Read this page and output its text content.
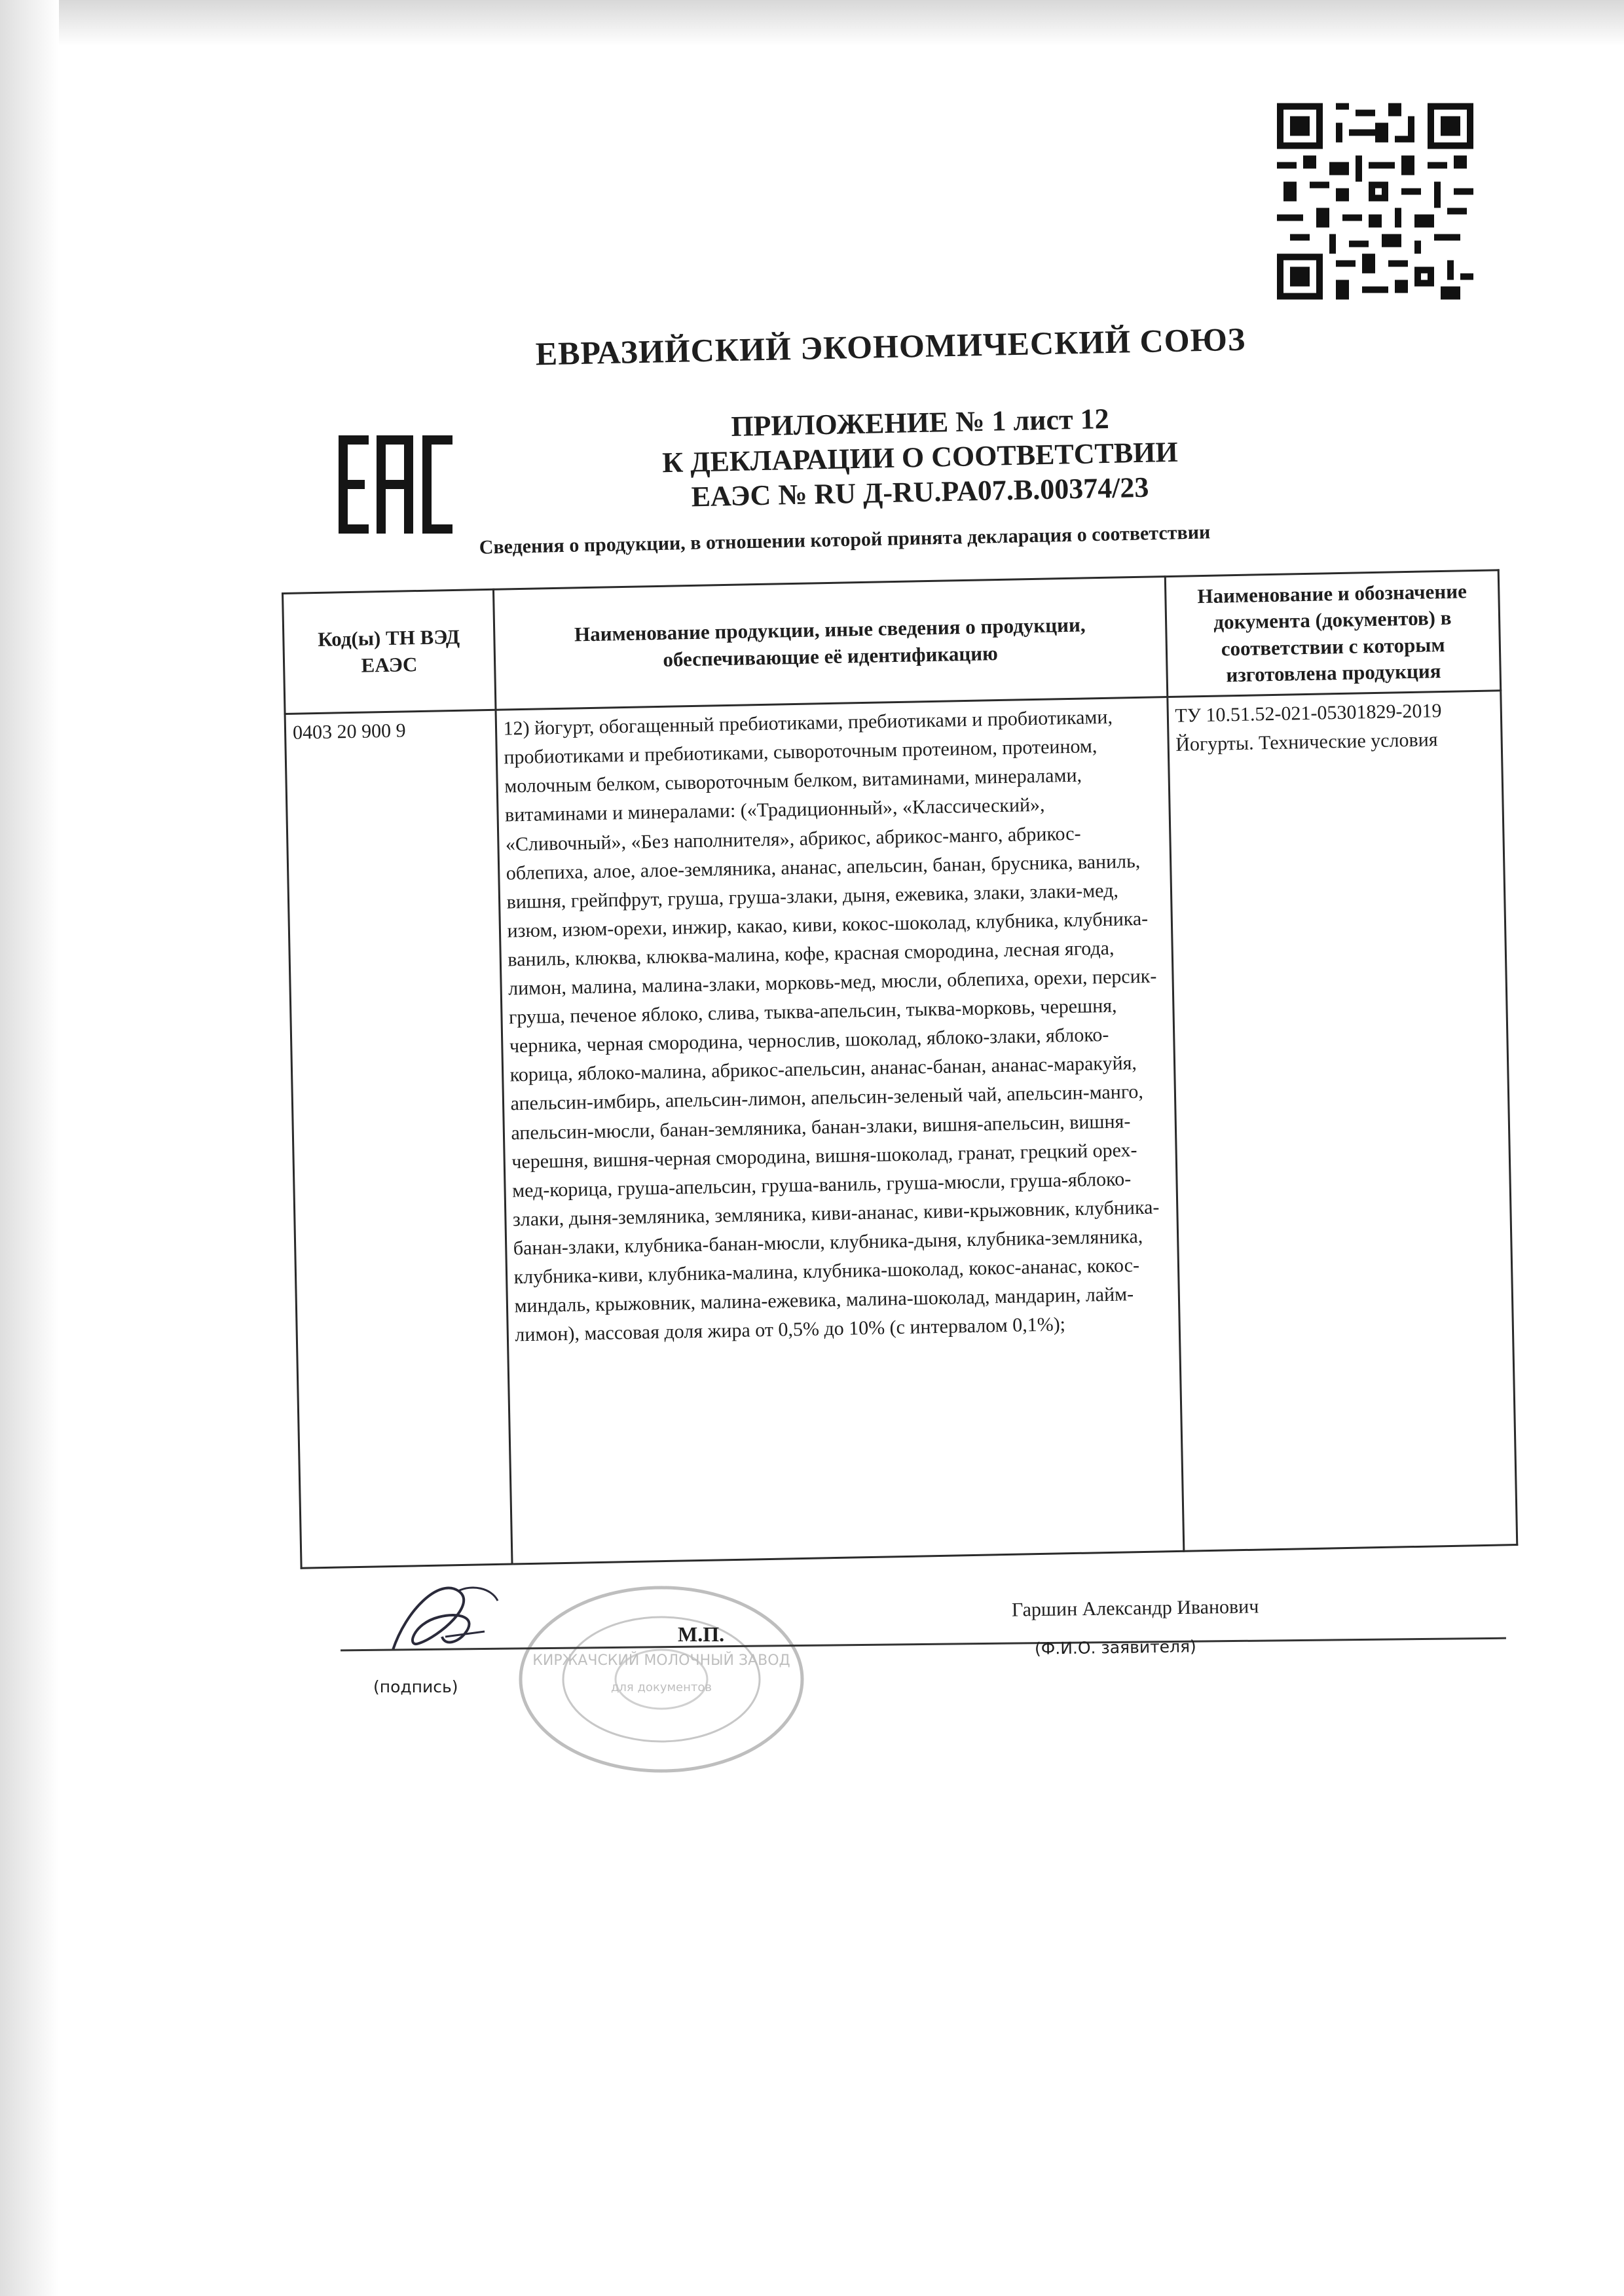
ЕВРАЗИЙСКИЙ ЭКОНОМИЧЕСКИЙ СОЮЗ
ПРИЛОЖЕНИЕ № 1 лист 12
К ДЕКЛАРАЦИИ О СООТВЕТСТВИИ
ЕАЭС № RU Д-RU.PA07.B.00374/23
Сведения о продукции, в отношении которой принята декларация о соответствии
Код(ы) ТН ВЭД ЕАЭС	Наименование продукции, иные сведения о продукции, обеспечивающие её идентификацию	Наименование и обозначение документа (документов) в соответствии с которым изготовлена продукция
0403 20 900 9	12) йогурт, обогащенный пребиотиками, пребиотиками и пробиотиками, пробиотиками и пребиотиками, сывороточным протеином, протеином, молочным белком, сывороточным белком, витаминами, минералами, витаминами и минералами: («Традиционный», «Классический», «Сливочный», «Без наполнителя», абрикос, абрикос-манго, абрикос-облепиха, алое, алое-земляника, ананас, апельсин, банан, брусника, ваниль, вишня, грейпфрут, груша, груша-злаки, дыня, ежевика, злаки, злаки-мед, изюм, изюм-орехи, инжир, какао, киви, кокос-шоколад, клубника, клубника-ваниль, клюква, клюква-малина, кофе, красная смородина, лесная ягода, лимон, малина, малина-злаки, морковь-мед, мюсли, облепиха, орехи, персик-груша, печеное яблоко, слива, тыква-апельсин, тыква-морковь, черешня, черника, черная смородина, чернослив, шоколад, яблоко-злаки, яблоко-корица, яблоко-малина, абрикос-апельсин, ананас-банан, ананас-маракуйя, апельсин-имбирь, апельсин-лимон, апельсин-зеленый чай, апельсин-манго, апельсин-мюсли, банан-земляника, банан-злаки, вишня-апельсин, вишня-черешня, вишня-черная смородина, вишня-шоколад, гранат, грецкий орех-мед-корица, груша-апельсин, груша-ваниль, груша-мюсли, груша-яблоко-злаки, дыня-земляника, земляника, киви-ананас, киви-крыжовник, клубника-банан-злаки, клубника-банан-мюсли, клубника-дыня, клубника-земляника, клубника-киви, клубника-малина, клубника-шоколад, кокос-ананас, кокос-миндаль, крыжовник, малина-ежевика, малина-шоколад, мандарин, лайм-лимон), массовая доля жира от 0,5% до 10% (с интервалом 0,1%);	ТУ 10.51.52-021-05301829-2019 Йогурты. Технические условия
КИРЖАЧСКИЙ МОЛОЧНЫЙ ЗАВОД
для документов
М.П.
Гаршин Александр Иванович
(подпись)
(Ф.И.О. заявителя)
